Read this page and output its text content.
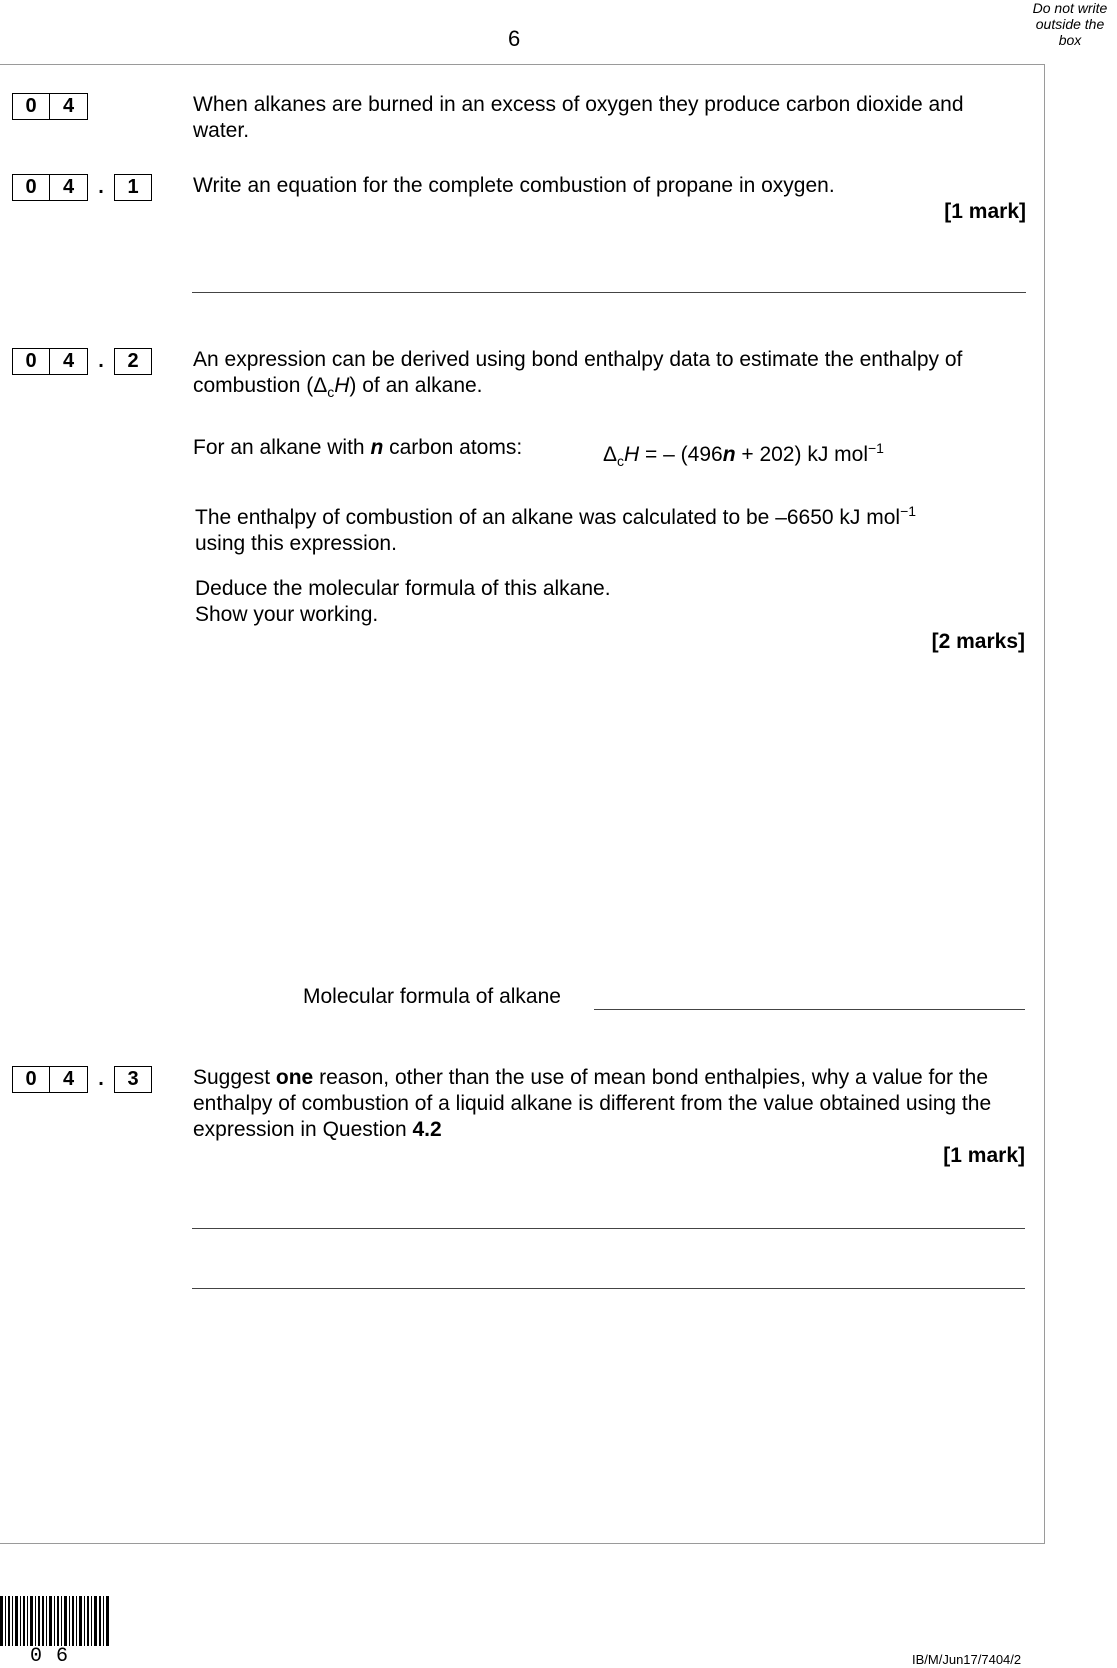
6
Do not write outside the box
0	4	When alkanes are burned in an excess of oxygen they produce carbon dioxide and water.
0	4	.	1	Write an equation for the complete combustion of propane in oxygen.
[1 mark]
0	4	.	2	An expression can be derived using bond enthalpy data to estimate the enthalpy of combustion $(\Delta_cH)$ of an alkane.
For an alkane with n carbon atoms:	$\Delta_cH$ = – (496n + 202) kJ mol$^{-1}$
The enthalpy of combustion of an alkane was calculated to be –6650 kJ mol$^{-1}$
using this expression.
Deduce the molecular formula of this alkane.
Show your working.
[2 marks]
Molecular formula of alkane
0	4	.	3	Suggest one reason, other than the use of mean bond enthalpies, why a value for the enthalpy of combustion of a liquid alkane is different from the value obtained using the expression in Question 4.2
[1 mark]
06	IB/M/Jun17/7404/2
